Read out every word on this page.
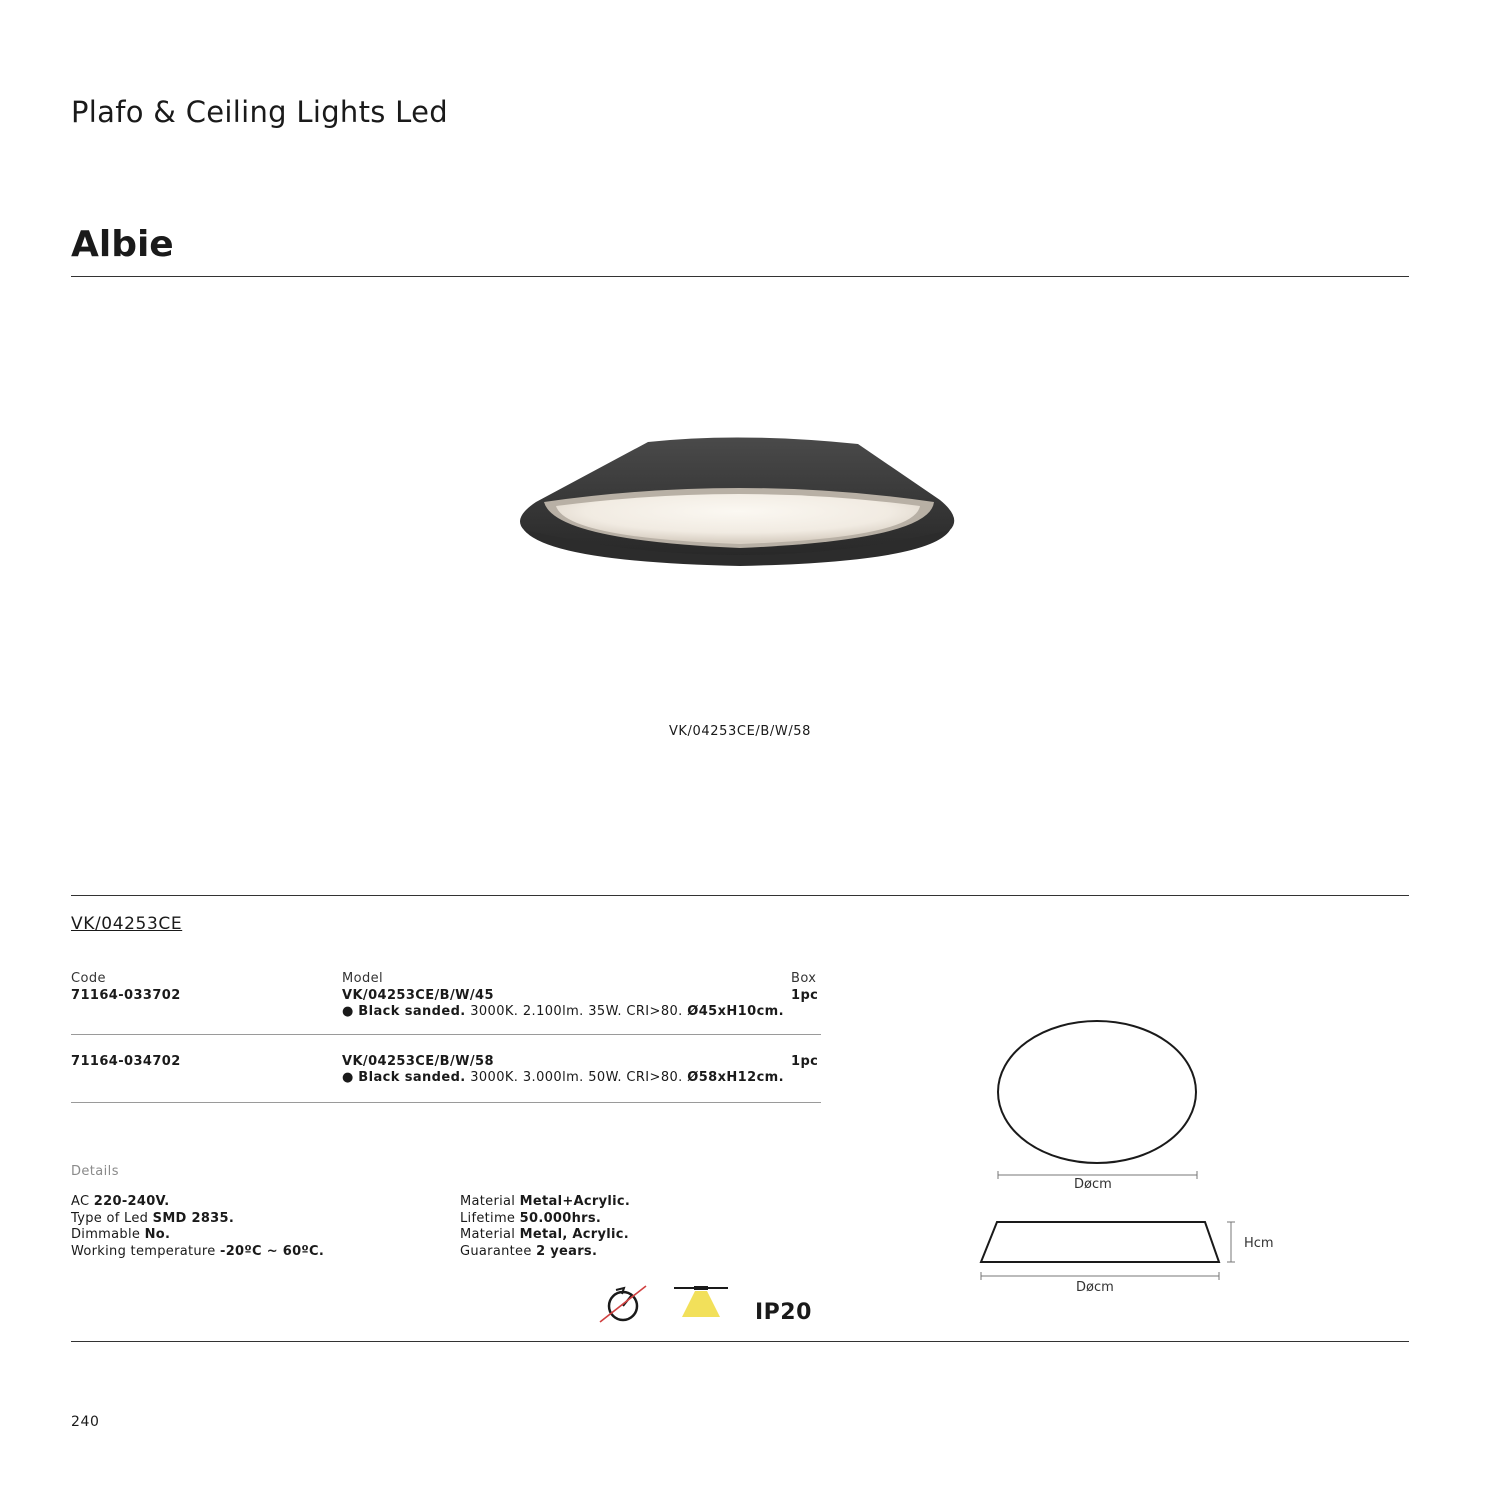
Plafo & Ceiling Lights Led
Albie
VK/04253CE/B/W/58
VK/04253CE
Code	Model	Box
71164-033702	VK/04253CE/B/W/45	1pc
● Black sanded. 3000K. 2.100lm. 35W. CRI>80. Ø45xH10cm.
71164-034702	VK/04253CE/B/W/58	1pc
● Black sanded. 3000K. 3.000lm. 50W. CRI>80. Ø58xH12cm.
Details
AC 220-240V.
Type of Led SMD 2835.
Dimmable No.
Working temperature -20ºC ~ 60ºC.
Material Metal+Acrylic.
Lifetime 50.000hrs.
Material Metal, Acrylic.
Guarantee 2 years.
IP20
Døcm
Hcm
Døcm
240
